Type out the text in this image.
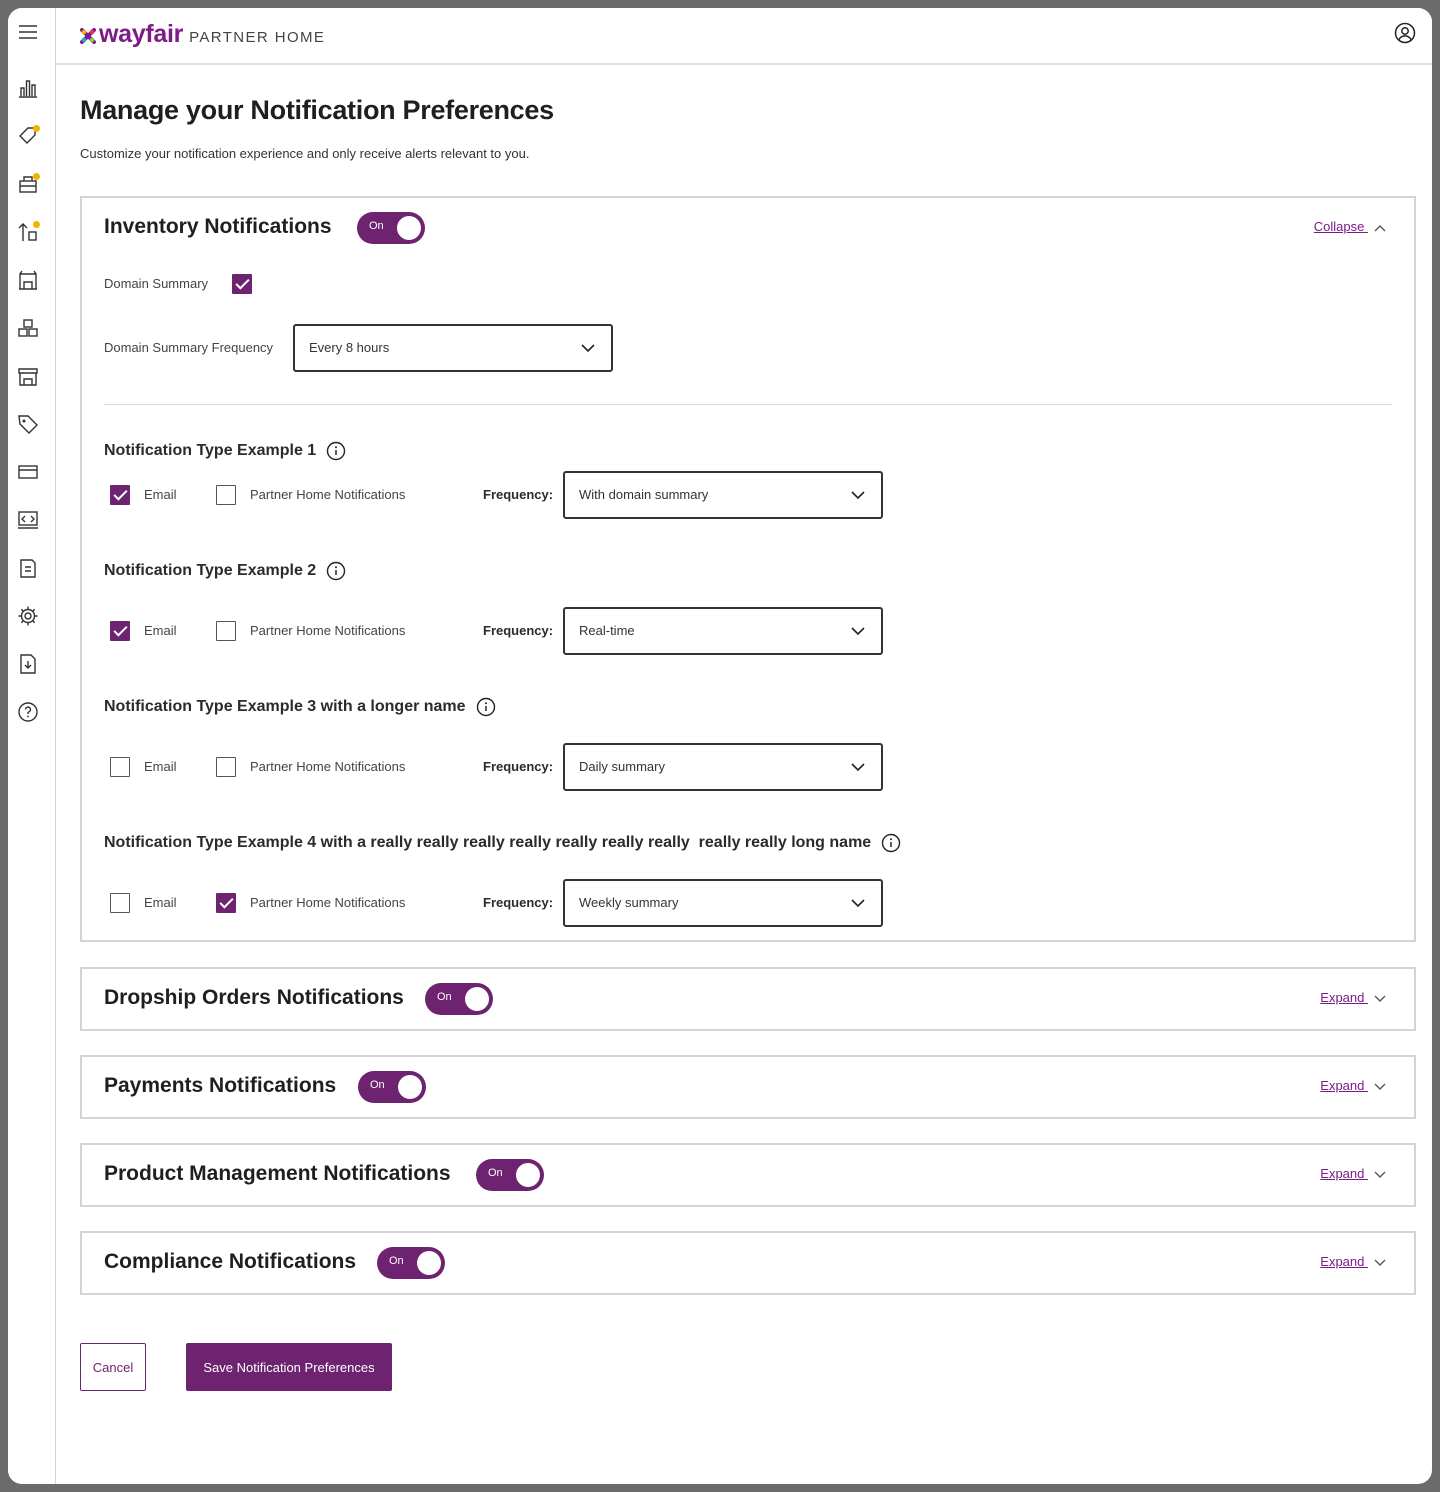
wayfair PARTNER HOME
Manage your Notification Preferences

Customize your notification experience and only receive alerts relevant to you.

Inventory Notifications	On	Collapse
Domain Summary
Domain Summary Frequency	Every 8 hours
Notification Type Example 1
Email	Partner Home Notifications	Frequency: With domain summary
Notification Type Example 2
Email	Partner Home Notifications	Frequency: Real-time
Notification Type Example 3 with a longer name
Email	Partner Home Notifications	Frequency: Daily summary
Notification Type Example 4 with a really really really really really really really  really really long name
Email	Partner Home Notifications	Frequency: Weekly summary
Dropship Orders Notifications	On	Expand
Payments Notifications	On	Expand
Product Management Notifications	On	Expand
Compliance Notifications	On	Expand
Cancel	Save Notification Preferences
